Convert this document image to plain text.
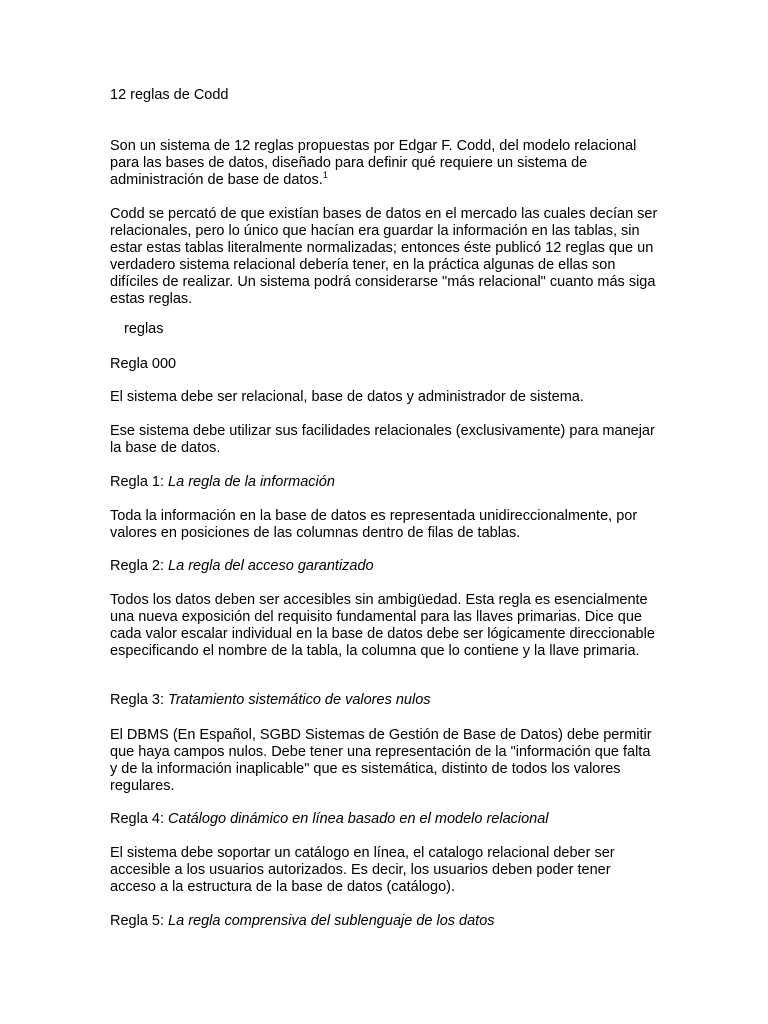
12 reglas de Codd

Son un sistema de 12 reglas propuestas por Edgar F. Codd, del modelo relacional para las bases de datos, diseñado para definir qué requiere un sistema de administración de base de datos.$^1$

Codd se percató de que existían bases de datos en el mercado las cuales decían ser relacionales, pero lo único que hacían era guardar la información en las tablas, sin estar estas tablas literalmente normalizadas; entonces éste publicó 12 reglas que un verdadero sistema relacional debería tener, en la práctica algunas de ellas son difíciles de realizar. Un sistema podrá considerarse "más relacional" cuanto más siga estas reglas.

reglas

Regla 000

El sistema debe ser relacional, base de datos y administrador de sistema.

Ese sistema debe utilizar sus facilidades relacionales (exclusivamente) para manejar la base de datos.

Regla 1: La regla de la información

Toda la información en la base de datos es representada unidireccionalmente, por valores en posiciones de las columnas dentro de filas de tablas.

Regla 2: La regla del acceso garantizado

Todos los datos deben ser accesibles sin ambigüedad. Esta regla es esencialmente una nueva exposición del requisito fundamental para las llaves primarias. Dice que cada valor escalar individual en la base de datos debe ser lógicamente direccionable especificando el nombre de la tabla, la columna que lo contiene y la llave primaria.

Regla 3: Tratamiento sistemático de valores nulos

El DBMS (En Español, SGBD Sistemas de Gestión de Base de Datos) debe permitir que haya campos nulos. Debe tener una representación de la "información que falta y de la información inaplicable" que es sistemática, distinto de todos los valores regulares.

Regla 4: Catálogo dinámico en línea basado en el modelo relacional

El sistema debe soportar un catálogo en línea, el catalogo relacional deber ser accesible a los usuarios autorizados. Es decir, los usuarios deben poder tener acceso a la estructura de la base de datos (catálogo).

Regla 5: La regla comprensiva del sublenguaje de los datos
